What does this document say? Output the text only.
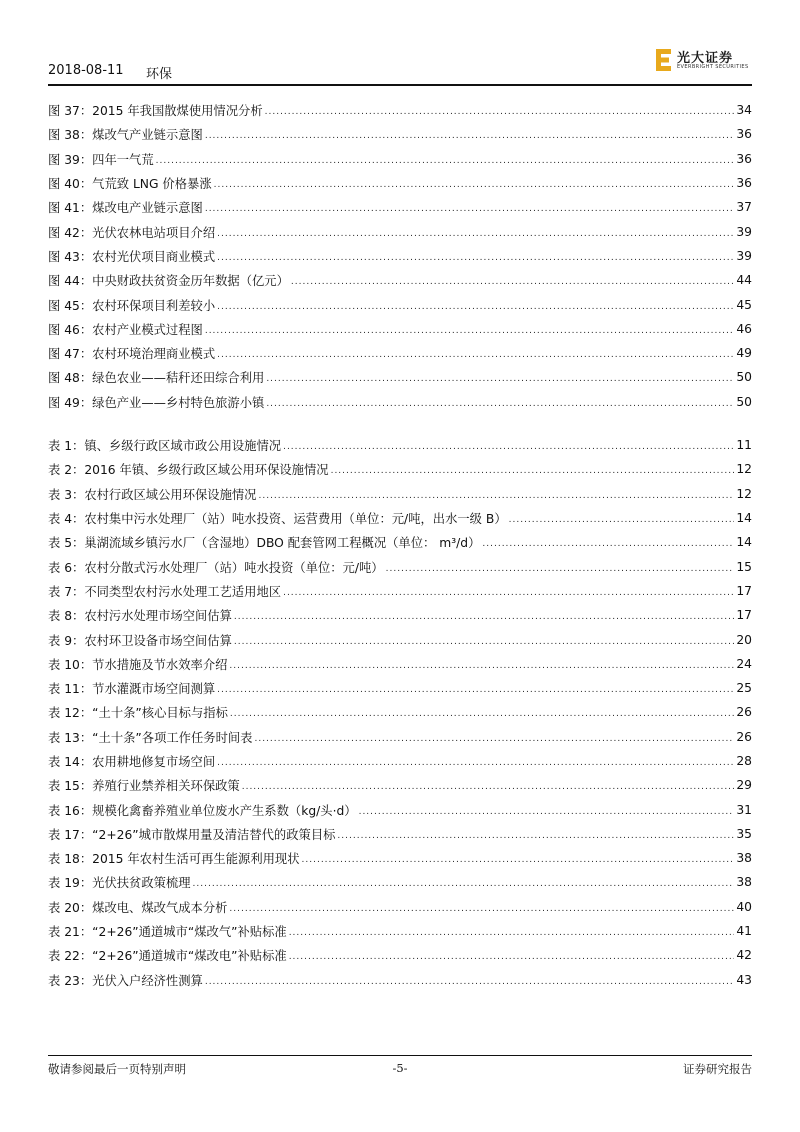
2018-08-11 环保
光大证券
EVERBRIGHT SECURITIES
图 37：2015 年我国散煤使用情况分析 .....	34
图 38：煤改气产业链示意图 .....	36
图 39：四年一气荒 .....	36
图 40：气荒致 LNG 价格暴涨 .....	36
图 41：煤改电产业链示意图 .....	37
图 42：光伏农林电站项目介绍 .....	39
图 43：农村光伏项目商业模式 .....	39
图 44：中央财政扶贫资金历年数据（亿元） .....	44
图 45：农村环保项目利差较小 .....	45
图 46：农村产业模式过程图 .....	46
图 47：农村环境治理商业模式 .....	49
图 48：绿色农业——秸秆还田综合利用 .....	50
图 49：绿色产业——乡村特色旅游小镇 .....	50
表 1：镇、乡级行政区域市政公用设施情况 .....	11
表 2：2016 年镇、乡级行政区域公用环保设施情况 .....	12
表 3：农村行政区域公用环保设施情况 .....	12
表 4：农村集中污水处理厂（站）吨水投资、运营费用（单位：元/吨，出水一级 B） .....	14
表 5：巢湖流域乡镇污水厂（含湿地）DBO 配套管网工程概况（单位： m³/d） .....	14
表 6：农村分散式污水处理厂（站）吨水投资（单位：元/吨） .....	15
表 7：不同类型农村污水处理工艺适用地区 .....	17
表 8：农村污水处理市场空间估算 .....	17
表 9：农村环卫设备市场空间估算 .....	20
表 10：节水措施及节水效率介绍 .....	24
表 11：节水灌溉市场空间测算 .....	25
表 12：“土十条”核心目标与指标 .....	26
表 13：“土十条”各项工作任务时间表 .....	26
表 14：农用耕地修复市场空间 .....	28
表 15：养殖行业禁养相关环保政策 .....	29
表 16：规模化禽畜养殖业单位废水产生系数（kg/头·d） .....	31
表 17：“2+26”城市散煤用量及清洁替代的政策目标 .....	35
表 18：2015 年农村生活可再生能源利用现状 .....	38
表 19：光伏扶贫政策梳理 .....	38
表 20：煤改电、煤改气成本分析 .....	40
表 21：“2+26”通道城市“煤改气”补贴标准 .....	41
表 22：“2+26”通道城市“煤改电”补贴标准 .....	42
表 23：光伏入户经济性测算 .....	43
敬请参阅最后一页特别声明	-5-	证券研究报告
